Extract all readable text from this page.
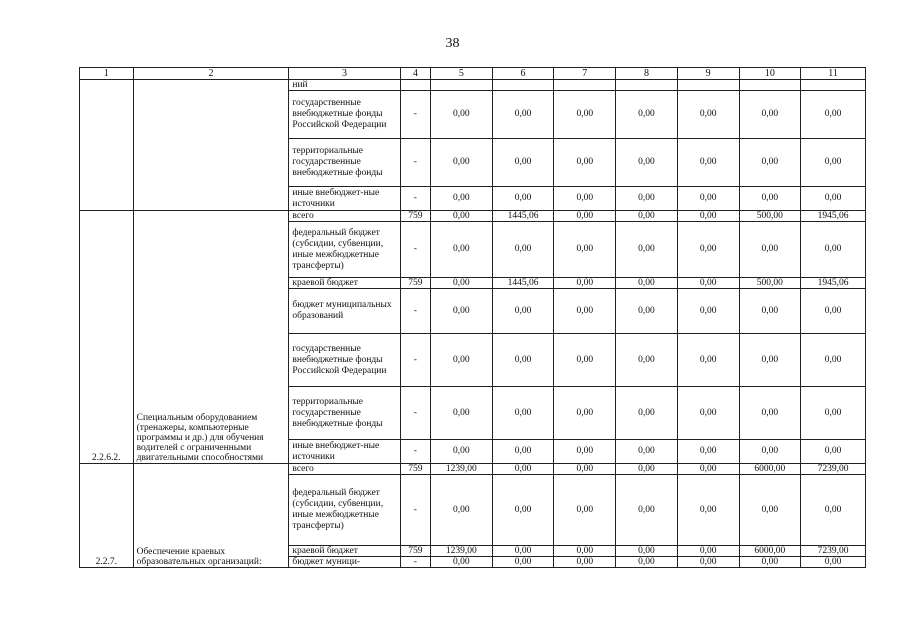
38
1	2	3	4	5	6	7	8	9	10	11
		ний								
		государственные внебюджетные фонды Российской Федерации	-	0,00	0,00	0,00	0,00	0,00	0,00	0,00
		территориальные государственные внебюджетные фонды	-	0,00	0,00	0,00	0,00	0,00	0,00	0,00
		иные внебюджет-ные источники	-	0,00	0,00	0,00	0,00	0,00	0,00	0,00
2.2.6.2.	Специальным оборудованием (тренажеры, компьютерные программы и др.) для обучения водителей с ограниченными двигательными способностями	всего	759	0,00	1445,06	0,00	0,00	0,00	500,00	1945,06
		федеральный бюджет (субсидии, субвенции, иные межбюджетные трансферты)	-	0,00	0,00	0,00	0,00	0,00	0,00	0,00
		краевой бюджет	759	0,00	1445,06	0,00	0,00	0,00	500,00	1945,06
		бюджет муниципальных образований	-	0,00	0,00	0,00	0,00	0,00	0,00	0,00
		государственные внебюджетные фонды Российской Федерации	-	0,00	0,00	0,00	0,00	0,00	0,00	0,00
		территориальные государственные внебюджетные фонды	-	0,00	0,00	0,00	0,00	0,00	0,00	0,00
		иные внебюджет-ные источники	-	0,00	0,00	0,00	0,00	0,00	0,00	0,00
2.2.7.	Обеспечение краевых образовательных организаций:	всего	759	1239,00	0,00	0,00	0,00	0,00	6000,00	7239,00
		федеральный бюджет (субсидии, субвенции, иные межбюджетные трансферты)	-	0,00	0,00	0,00	0,00	0,00	0,00	0,00
		краевой бюджет	759	1239,00	0,00	0,00	0,00	0,00	6000,00	7239,00
		бюджет муници-	-	0,00	0,00	0,00	0,00	0,00	0,00	0,00
